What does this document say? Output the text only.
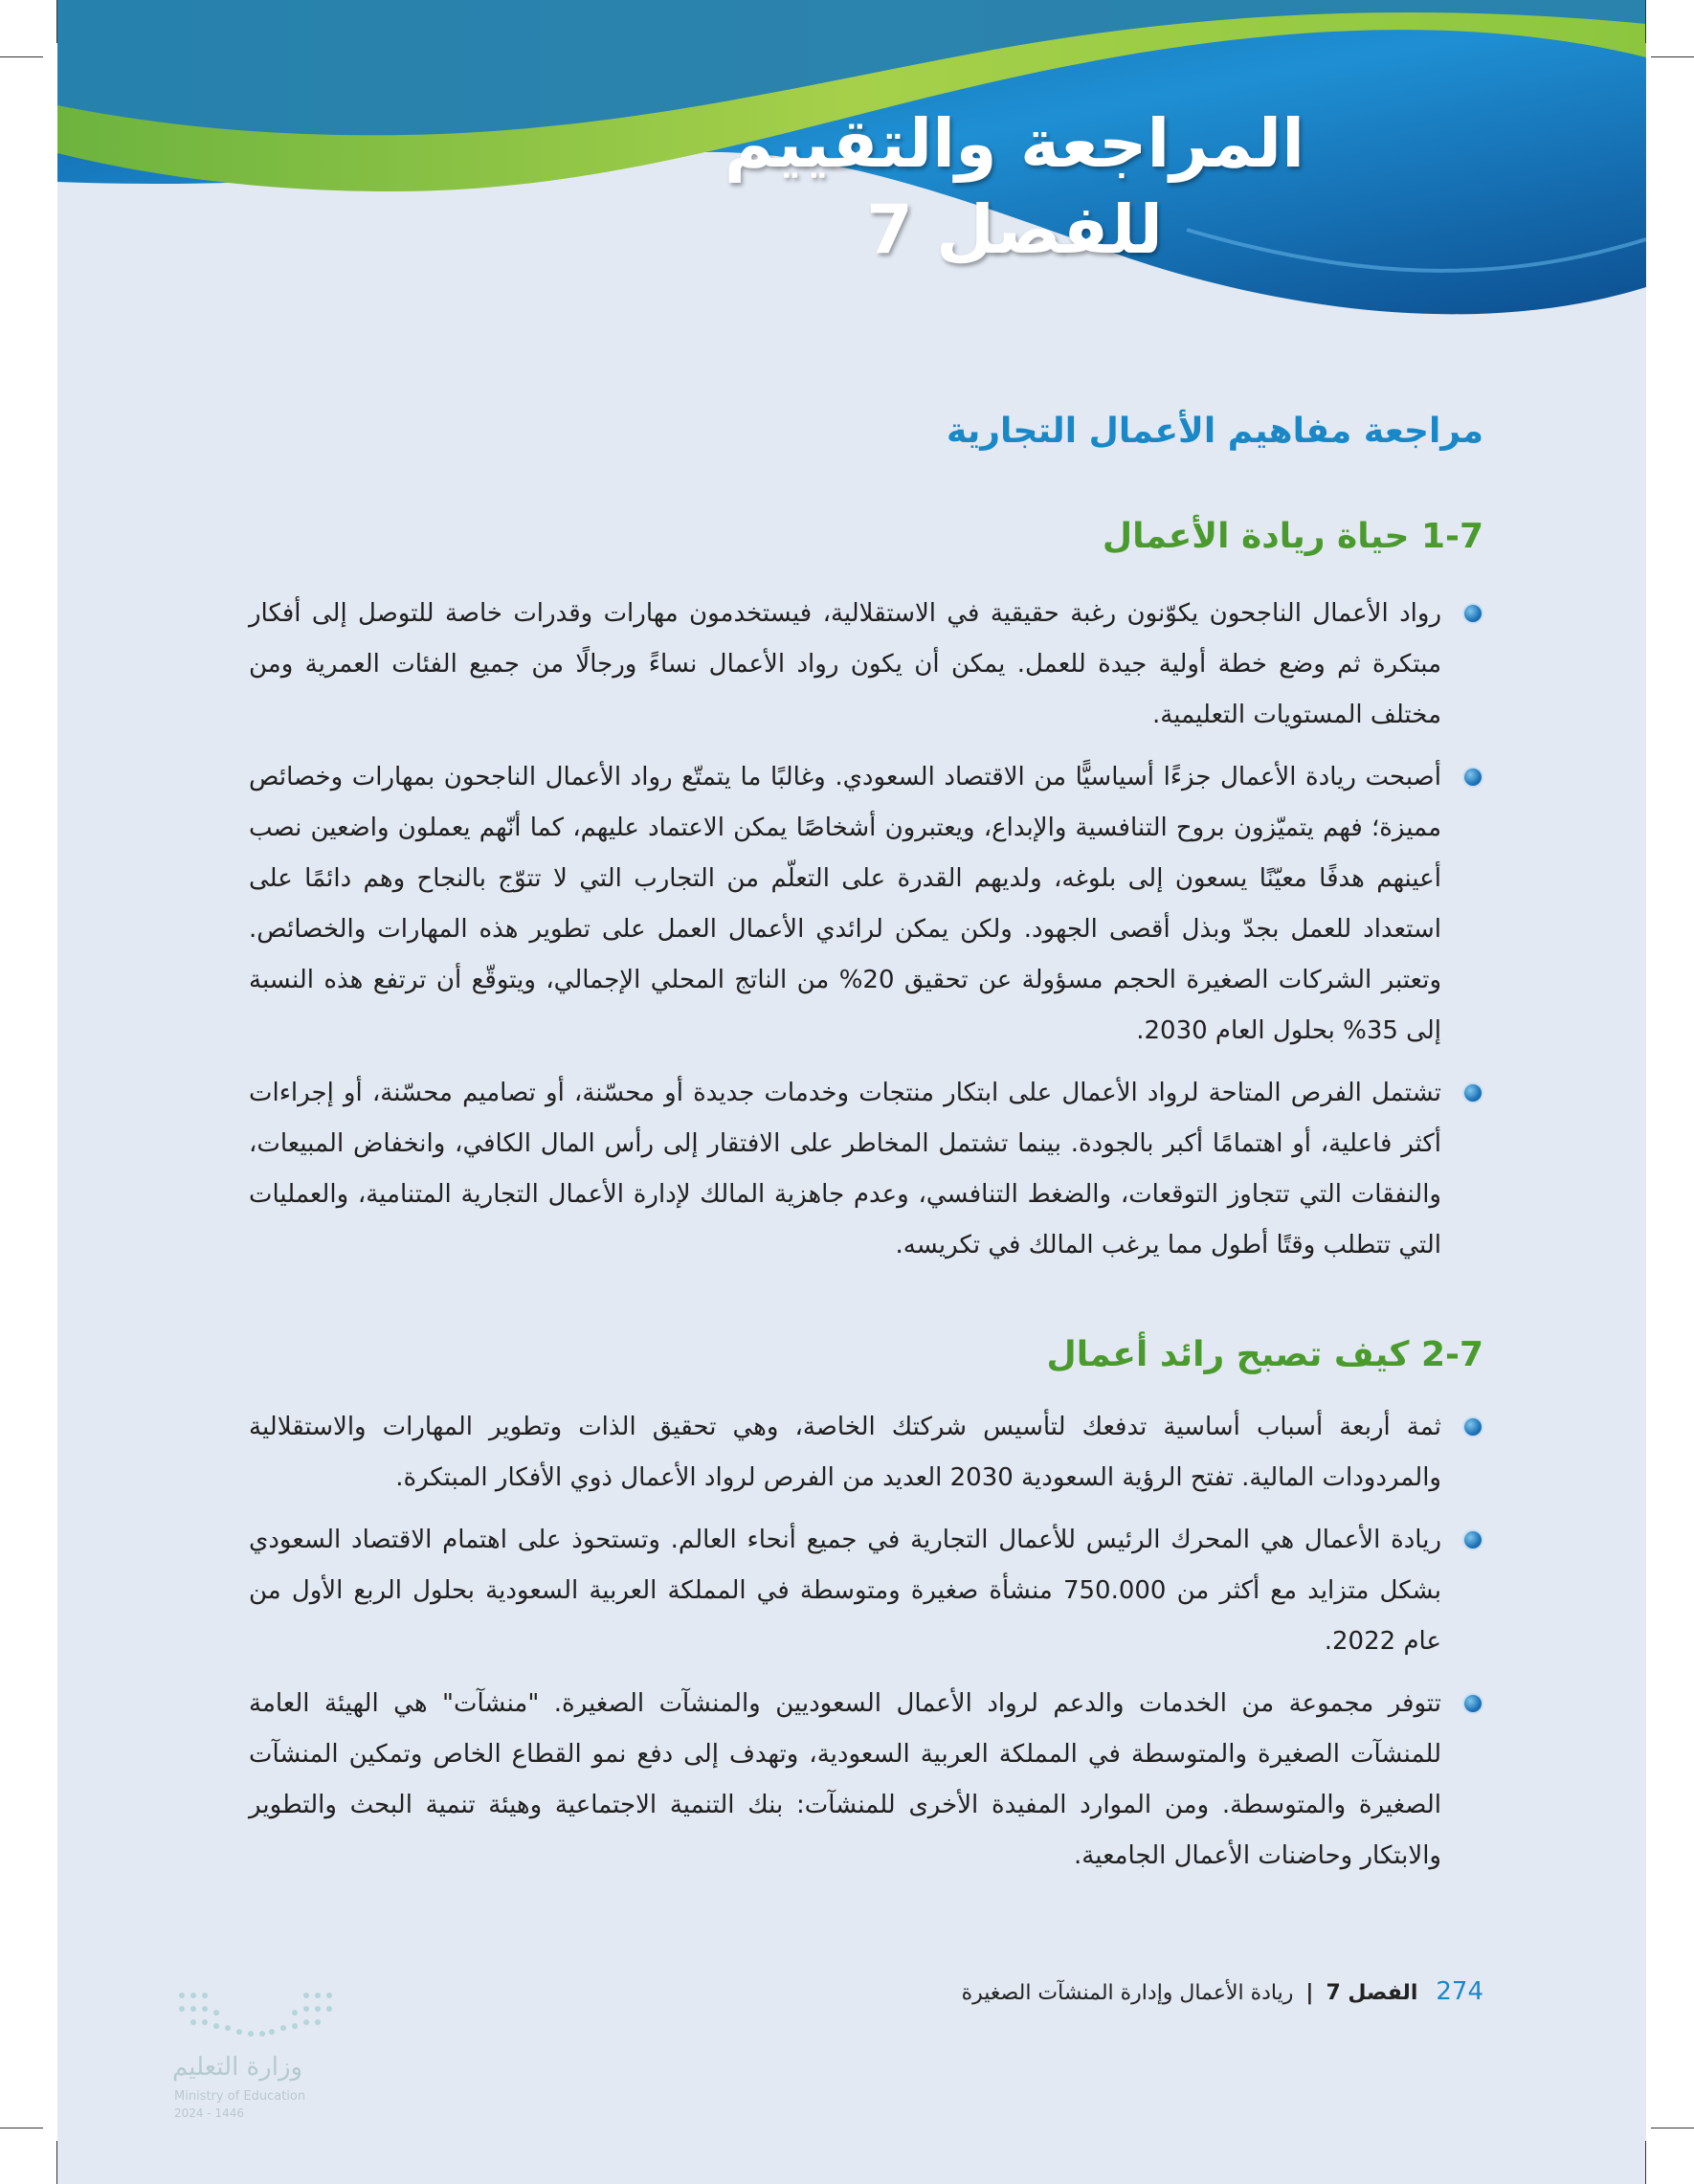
المراجعة والتقييم
للفصل 7
مراجعة مفاهيم الأعمال التجارية
1-7 حياة ريادة الأعمال
رواد الأعمال الناجحون يكوّنون رغبة حقيقية في الاستقلالية، فيستخدمون مهارات وقدرات خاصة للتوصل إلى أفكار مبتكرة ثم وضع خطة أولية جيدة للعمل. يمكن أن يكون رواد الأعمال نساءً ورجالًا من جميع الفئات العمرية ومن مختلف المستويات التعليمية.
أصبحت ريادة الأعمال جزءًا أسياسيًّا من الاقتصاد السعودي. وغالبًا ما يتمتّع رواد الأعمال الناجحون بمهارات وخصائص مميزة؛ فهم يتميّزون بروح التنافسية والإبداع، ويعتبرون أشخاصًا يمكن الاعتماد عليهم، كما أنّهم يعملون واضعين نصب أعينهم هدفًا معيّنًا يسعون إلى بلوغه، ولديهم القدرة على التعلّم من التجارب التي لا تتوّج بالنجاح وهم دائمًا على استعداد للعمل بجدّ وبذل أقصى الجهود. ولكن يمكن لرائدي الأعمال العمل على تطوير هذه المهارات والخصائص. وتعتبر الشركات الصغيرة الحجم مسؤولة عن تحقيق 20% من الناتج المحلي الإجمالي، ويتوقّع أن ترتفع هذه النسبة إلى 35% بحلول العام 2030.
تشتمل الفرص المتاحة لرواد الأعمال على ابتكار منتجات وخدمات جديدة أو محسّنة، أو تصاميم محسّنة، أو إجراءات أكثر فاعلية، أو اهتمامًا أكبر بالجودة. بينما تشتمل المخاطر على الافتقار إلى رأس المال الكافي، وانخفاض المبيعات، والنفقات التي تتجاوز التوقعات، والضغط التنافسي، وعدم جاهزية المالك لإدارة الأعمال التجارية المتنامية، والعمليات التي تتطلب وقتًا أطول مما يرغب المالك في تكريسه.
2-7 كيف تصبح رائد أعمال
ثمة أربعة أسباب أساسية تدفعك لتأسيس شركتك الخاصة، وهي تحقيق الذات وتطوير المهارات والاستقلالية والمردودات المالية. تفتح الرؤية السعودية 2030 العديد من الفرص لرواد الأعمال ذوي الأفكار المبتكرة.
ريادة الأعمال هي المحرك الرئيس للأعمال التجارية في جميع أنحاء العالم. وتستحوذ على اهتمام الاقتصاد السعودي بشكل متزايد مع أكثر من 750.000 منشأة صغيرة ومتوسطة في المملكة العربية السعودية بحلول الربع الأول من عام 2022.
تتوفر مجموعة من الخدمات والدعم لرواد الأعمال السعوديين والمنشآت الصغيرة. "منشآت" هي الهيئة العامة للمنشآت الصغيرة والمتوسطة في المملكة العربية السعودية، وتهدف إلى دفع نمو القطاع الخاص وتمكين المنشآت الصغيرة والمتوسطة. ومن الموارد المفيدة الأخرى للمنشآت: بنك التنمية الاجتماعية وهيئة تنمية البحث والتطوير والابتكار وحاضنات الأعمال الجامعية.
274 الفصل 7 | ريادة الأعمال وإدارة المنشآت الصغيرة
وزارة التعليم
Ministry of Education
2024 - 1446
